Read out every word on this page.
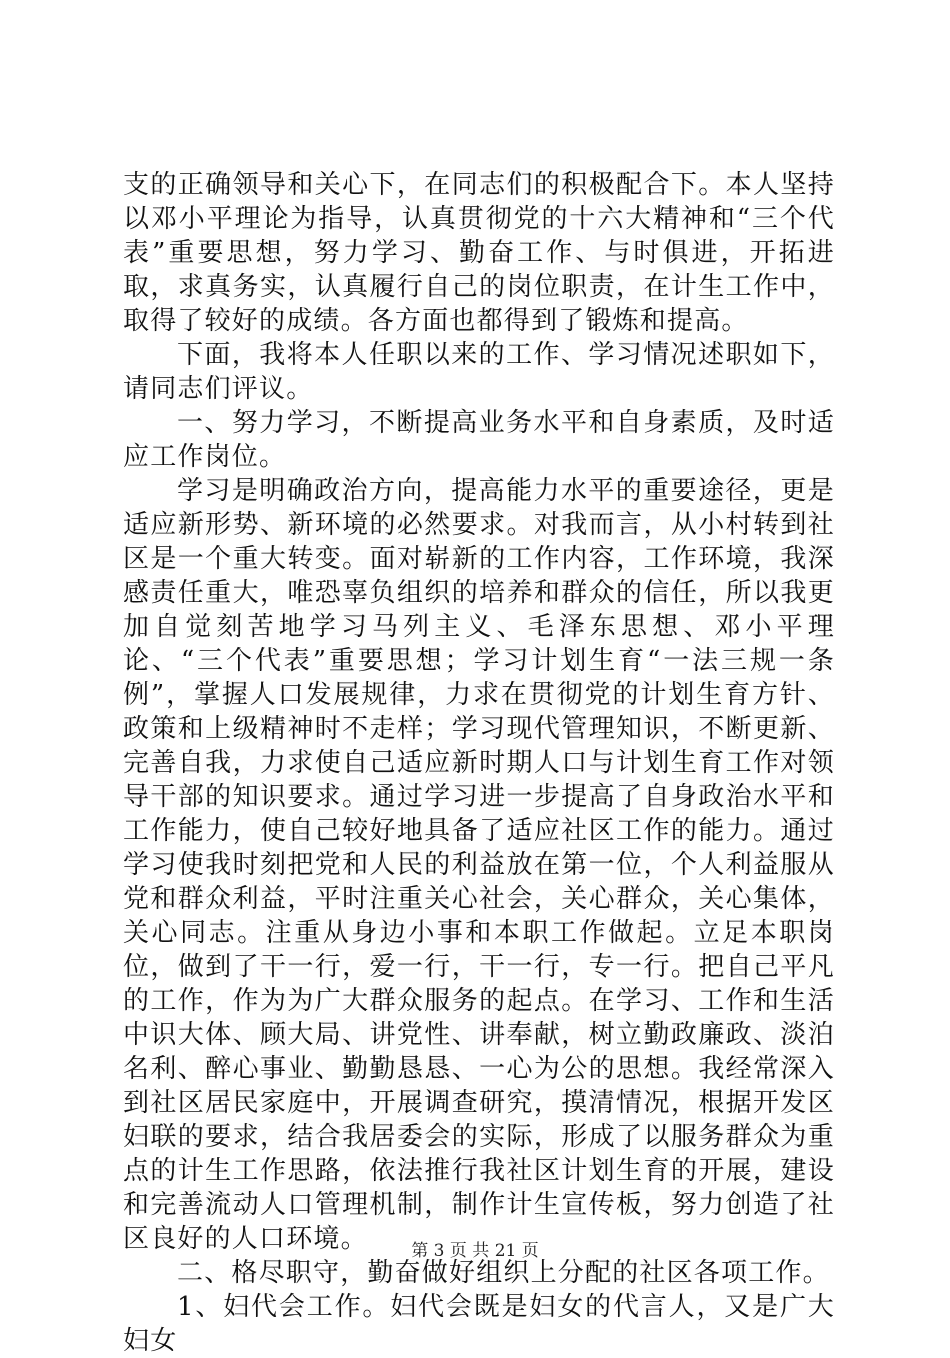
支的正确领导和关心下，在同志们的积极配合下。本人坚持以邓小平理论为指导，认真贯彻党的十六大精神和“三个代表”重要思想，努力学习、勤奋工作、与时俱进，开拓进取，求真务实，认真履行自己的岗位职责，在计生工作中，取得了较好的成绩。各方面也都得到了锻炼和提高。

下面，我将本人任职以来的工作、学习情况述职如下，请同志们评议。

一、努力学习，不断提高业务水平和自身素质，及时适应工作岗位。

学习是明确政治方向，提高能力水平的重要途径，更是适应新形势、新环境的必然要求。对我而言，从小村转到社区是一个重大转变。面对崭新的工作内容，工作环境，我深感责任重大，唯恐辜负组织的培养和群众的信任，所以我更加自觉刻苦地学习马列主义、毛泽东思想、邓小平理论、“三个代表”重要思想；学习计划生育“一法三规一条例”，掌握人口发展规律，力求在贯彻党的计划生育方针、政策和上级精神时不走样；学习现代管理知识，不断更新、完善自我，力求使自己适应新时期人口与计划生育工作对领导干部的知识要求。通过学习进一步提高了自身政治水平和工作能力，使自己较好地具备了适应社区工作的能力。通过学习使我时刻把党和人民的利益放在第一位，个人利益服从党和群众利益，平时注重关心社会，关心群众，关心集体，关心同志。注重从身边小事和本职工作做起。立足本职岗位，做到了干一行，爱一行，干一行，专一行。把自己平凡的工作，作为为广大群众服务的起点。在学习、工作和生活中识大体、顾大局、讲党性、讲奉献，树立勤政廉政、淡泊名利、醉心事业、勤勤恳恳、一心为公的思想。我经常深入到社区居民家庭中，开展调查研究，摸清情况，根据开发区妇联的要求，结合我居委会的实际，形成了以服务群众为重点的计生工作思路，依法推行我社区计划生育的开展，建设和完善流动人口管理机制，制作计生宣传板，努力创造了社区良好的人口环境。

二、格尽职守，勤奋做好组织上分配的社区各项工作。

1、妇代会工作。妇代会既是妇女的代言人，又是广大妇女

第 3 页 共 21 页
